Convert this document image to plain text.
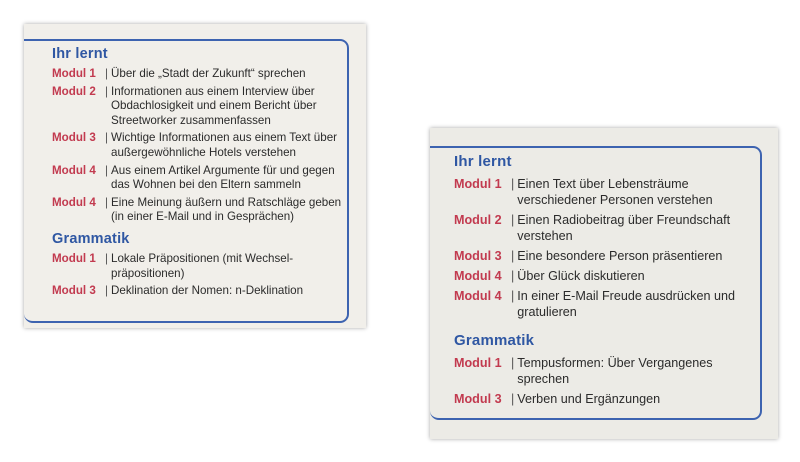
Ihr lernt
Modul 1 | Über die „Stadt der Zukunft“ sprechen
Modul 2 | Informationen aus einem Interview über Obdachlosigkeit und einem Bericht über Streetworker zusammenfassen
Modul 3 | Wichtige Informationen aus einem Text über außergewöhnliche Hotels verstehen
Modul 4 | Aus einem Artikel Argumente für und gegen das Wohnen bei den Eltern sammeln
Modul 4 | Eine Meinung äußern und Ratschläge geben (in einer E-Mail und in Gesprächen)
Grammatik
Modul 1 | Lokale Präpositionen (mit Wechsel-präpositionen)
Modul 3 | Deklination der Nomen: n-Deklination
Ihr lernt
Modul 1 | Einen Text über Lebensträume verschiedener Personen verstehen
Modul 2 | Einen Radiobeitrag über Freundschaft verstehen
Modul 3 | Eine besondere Person präsentieren
Modul 4 | Über Glück diskutieren
Modul 4 | In einer E-Mail Freude ausdrücken und gratulieren
Grammatik
Modul 1 | Tempusformen: Über Vergangenes sprechen
Modul 3 | Verben und Ergänzungen
